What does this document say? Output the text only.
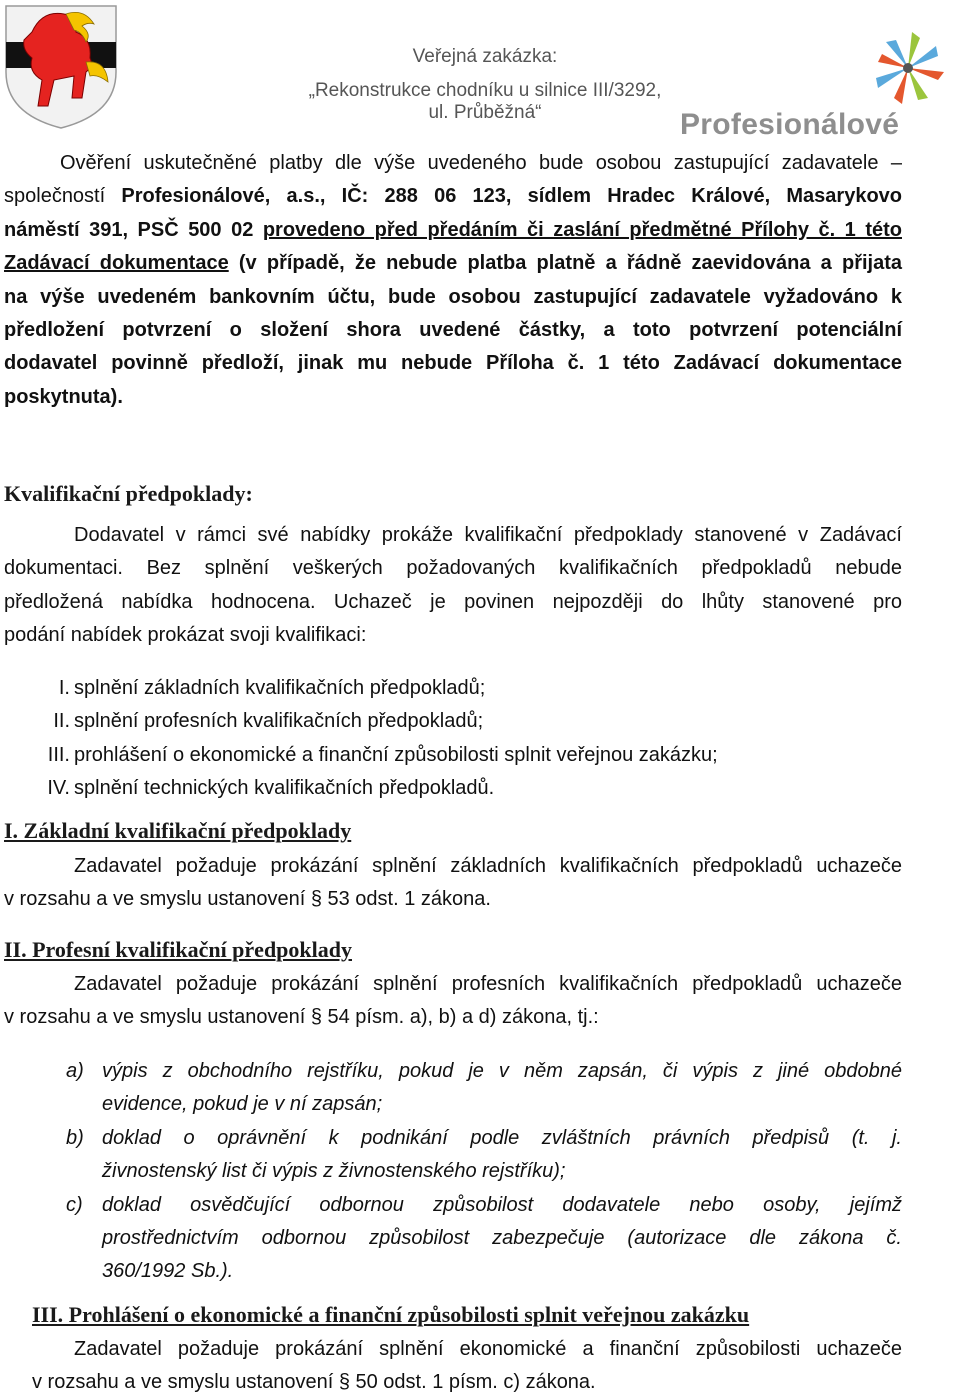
Veřejná zakázka:
„Rekonstrukce chodníku u silnice III/3292, ul. Průběžná“	Profesionálové
Ověření uskutečněné platby dle výše uvedeného bude osobou zastupující zadavatele –
společností Profesionálové, a.s., IČ: 288 06 123, sídlem Hradec Králové, Masarykovo
náměstí 391, PSČ 500 02 provedeno před předáním či zaslání předmětné Přílohy č. 1 této
Zadávací dokumentace (v případě, že nebude platba platně a řádně zaevidována a přijata
na výše uvedeném bankovním účtu, bude osobou zastupující zadavatele vyžadováno k
předložení potvrzení o složení shora uvedené částky, a toto potvrzení potenciální
dodavatel povinně předloží, jinak mu nebude Příloha č. 1 této Zadávací dokumentace
poskytnuta).
Kvalifikační předpoklady:
Dodavatel v rámci své nabídky prokáže kvalifikační předpoklady stanovené v Zadávací
dokumentaci. Bez splnění veškerých požadovaných kvalifikačních předpokladů nebude
předložená nabídka hodnocena. Uchazeč je povinen nejpozději do lhůty stanovené pro
podání nabídek prokázat svoji kvalifikaci:
I. splnění základních kvalifikačních předpokladů;
II. splnění profesních kvalifikačních předpokladů;
III. prohlášení o ekonomické a finanční způsobilosti splnit veřejnou zakázku;
IV. splnění technických kvalifikačních předpokladů.
I. Základní kvalifikační předpoklady
Zadavatel požaduje prokázání splnění základních kvalifikačních předpokladů uchazeče
v rozsahu a ve smyslu ustanovení § 53 odst. 1 zákona.
II. Profesní kvalifikační předpoklady
Zadavatel požaduje prokázání splnění profesních kvalifikačních předpokladů uchazeče
v rozsahu a ve smyslu ustanovení § 54 písm. a), b) a d) zákona, tj.:
a) výpis z obchodního rejstříku, pokud je v něm zapsán, či výpis z jiné obdobné
evidence, pokud je v ní zapsán;
b) doklad o oprávnění k podnikání podle zvláštních právních předpisů (t. j.
živnostenský list či výpis z živnostenského rejstříku);
c) doklad osvědčující odbornou způsobilost dodavatele nebo osoby, jejímž
prostřednictvím odbornou způsobilost zabezpečuje (autorizace dle zákona č.
360/1992 Sb.).
III. Prohlášení o ekonomické a finanční způsobilosti splnit veřejnou zakázku
Zadavatel požaduje prokázání splnění ekonomické a finanční způsobilosti uchazeče
v rozsahu a ve smyslu ustanovení § 50 odst. 1 písm. c) zákona.
